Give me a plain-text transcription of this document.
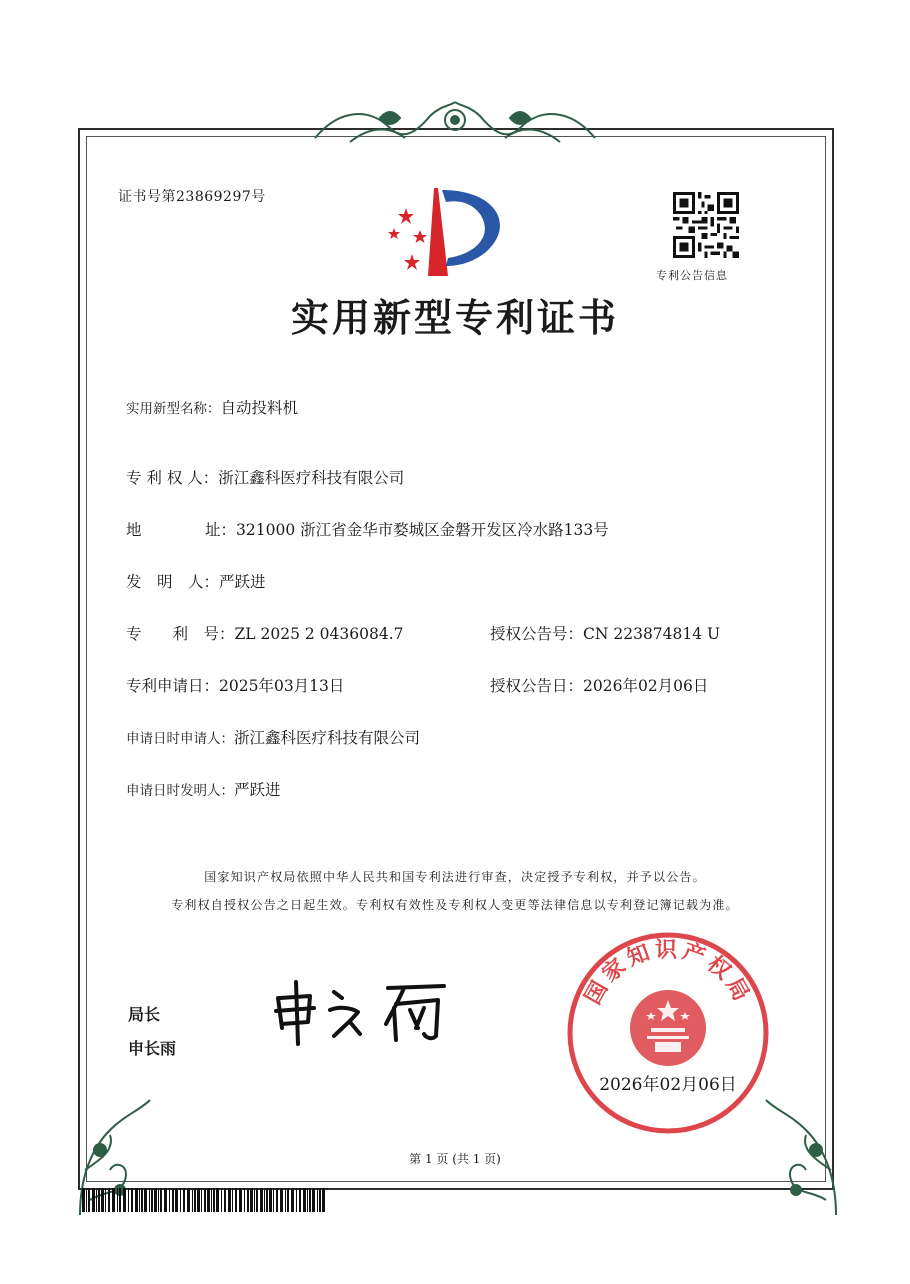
证书号第23869297号
专利公告信息
实用新型专利证书
实用新型名称：自动投料机
专 利 权 人：浙江鑫科医疗科技有限公司
地	址：321000 浙江省金华市婺城区金磐开发区冷水路133号
发　明　人：严跃进
专　　利　号：ZL 2025 2 0436084.7	授权公告号：CN 223874814 U
专利申请日：2025年03月13日	授权公告日：2026年02月06日
申请日时申请人：浙江鑫科医疗科技有限公司
申请日时发明人：严跃进
国家知识产权局依照中华人民共和国专利法进行审查，决定授予专利权，并予以公告。
专利权自授权公告之日起生效。专利权有效性及专利权人变更等法律信息以专利登记簿记载为准。
局长
申长雨
国家知识产权局
2026年02月06日
第 1 页 (共 1 页)
